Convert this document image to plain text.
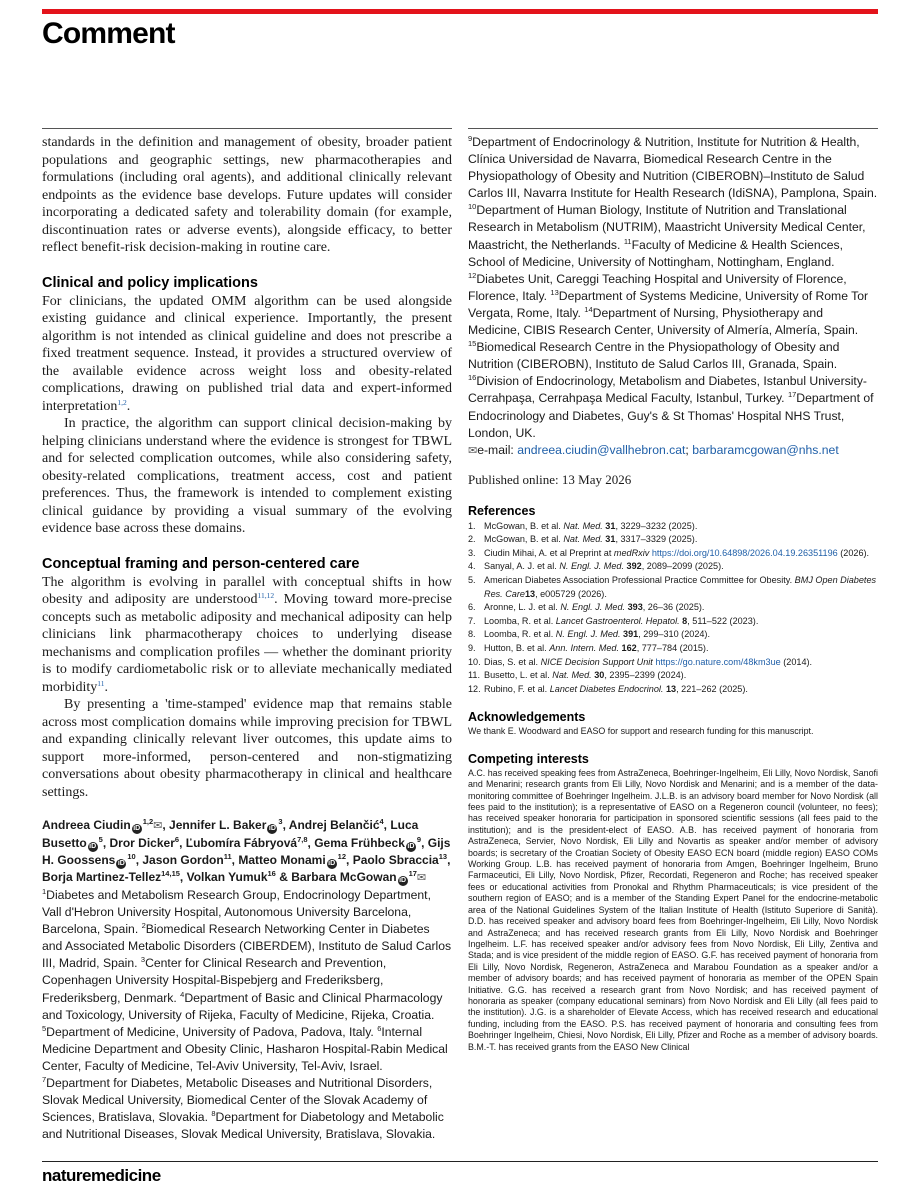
Comment

standards in the definition and management of obesity, broader patient populations and geographic settings, new pharmacotherapies and formulations (including oral agents), and additional clinically relevant endpoints as the evidence base develops. Future updates will consider incorporating a dedicated safety and tolerability domain (for example, discontinuation rates or adverse events), alongside efficacy, to better reflect benefit-risk decision-making in routine care.

Clinical and policy implications

For clinicians, the updated OMM algorithm can be used alongside existing guidance and clinical experience. Importantly, the present algorithm is not intended as clinical guideline and does not prescribe a fixed treatment sequence. Instead, it provides a structured overview of the available evidence across weight loss and obesity-related complications, drawing on published trial data and expert-informed interpretation$^{1,2}$.

In practice, the algorithm can support clinical decision-making by helping clinicians understand where the evidence is strongest for TBWL and for selected complication outcomes, while also considering safety, obesity-related complications, treatment access, cost and patient preferences. Thus, the framework is intended to complement existing clinical guidance by providing a visual summary of the evolving evidence base across these domains.

Conceptual framing and person-centered care

The algorithm is evolving in parallel with conceptual shifts in how obesity and adiposity are understood$^{11,12}$. Moving toward more-precise concepts such as metabolic adiposity and mechanical adiposity can help clinicians link pharmacotherapy choices to underlying disease mechanisms and complication profiles — whether the dominant priority is to modify cardiometabolic risk or to alleviate mechanically mediated morbidity$^{11}$.

By presenting a 'time-stamped' evidence map that remains stable across most complication domains while improving precision for TBWL and expanding clinically relevant liver outcomes, this update aims to support more-informed, person-centered and non-stigmatizing conversations about obesity pharmacotherapy in clinical and healthcare settings.

Andreea Ciudin iD$^{1,2}$✉, Jennifer L. Baker $iD^3$, Andrej Belančić$^4$, Luca Busetto $iD^5$, Dror Dicker$^6$, Ľubomíra Fábryová$^{7,8}$, Gema Frühbeck $iD^9$, Gijs H. Goossens $iD^{10}$, Jason Gordon$^{11}$, Matteo Monami $iD^{12}$, Paolo Sbraccia$^{13}$, Borja Martinez-Tellez$^{14,15}$, Volkan Yumuk$^{16}$ & Barbara McGowan $iD^{17}✉$

$^1$Diabetes and Metabolism Research Group, Endocrinology Department, Vall d'Hebron University Hospital, Autonomous University Barcelona, Barcelona, Spain. $^2$Biomedical Research Networking Center in Diabetes and Associated Metabolic Disorders (CIBERDEM), Instituto de Salud Carlos III, Madrid, Spain. $^3$Center for Clinical Research and Prevention, Copenhagen University Hospital-Bispebjerg and Frederiksberg, Frederiksberg, Denmark. $^4$Department of Basic and Clinical Pharmacology and Toxicology, University of Rijeka, Faculty of Medicine, Rijeka, Croatia. $^5$Department of Medicine, University of Padova, Padova, Italy. $^6$Internal Medicine Department and Obesity Clinic, Hasharon Hospital-Rabin Medical Center, Faculty of Medicine, Tel-Aviv University, Tel-Aviv, Israel. $^7$Department for Diabetes, Metabolic Diseases and Nutritional Disorders, Slovak Medical University, Biomedical Center of the Slovak Academy of Sciences, Bratislava, Slovakia. $^8$Department for Diabetology and Metabolic and Nutritional Diseases, Slovak Medical University, Bratislava, Slovakia.

$^9$Department of Endocrinology & Nutrition, Institute for Nutrition & Health, Clínica Universidad de Navarra, Biomedical Research Centre in the Physiopathology of Obesity and Nutrition (CIBEROBN)–Instituto de Salud Carlos III, Navarra Institute for Health Research (IdiSNA), Pamplona, Spain. $^{10}$Department of Human Biology, Institute of Nutrition and Translational Research in Metabolism (NUTRIM), Maastricht University Medical Center, Maastricht, the Netherlands. $^{11}$Faculty of Medicine & Health Sciences, School of Medicine, University of Nottingham, Nottingham, England. $^{12}$Diabetes Unit, Careggi Teaching Hospital and University of Florence, Florence, Italy. $^{13}$Department of Systems Medicine, University of Rome Tor Vergata, Rome, Italy. $^{14}$Department of Nursing, Physiotherapy and Medicine, CIBIS Research Center, University of Almería, Almería, Spain. $^{15}$Biomedical Research Centre in the Physiopathology of Obesity and Nutrition (CIBEROBN), Instituto de Salud Carlos III, Granada, Spain. $^{16}$Division of Endocrinology, Metabolism and Diabetes, Istanbul University-Cerrahpaşa, Cerrahpaşa Medical Faculty, Istanbul, Turkey. $^{17}$Department of Endocrinology and Diabetes, Guy's & St Thomas' Hospital NHS Trust, London, UK.

✉e-mail: andreea.ciudin@vallhebron.cat; barbaramcgowan@nhs.net

Published online: 13 May 2026

References
1. McGowan, B. et al. Nat. Med. 31, 3229–3232 (2025).
2. McGowan, B. et al. Nat. Med. 31, 3317–3329 (2025).
3. Ciudin Mihai, A. et al Preprint at medRxiv https://doi.org/10.64898/2026.04.19.26351196 (2026).
4. Sanyal, A. J. et al. N. Engl. J. Med. 392, 2089–2099 (2025).
5. American Diabetes Association Professional Practice Committee for Obesity. BMJ Open Diabetes Res. Care13, e005729 (2026).
6. Aronne, L. J. et al. N. Engl. J. Med. 393, 26–36 (2025).
7. Loomba, R. et al. Lancet Gastroenterol. Hepatol. 8, 511–522 (2023).
8. Loomba, R. et al. N. Engl. J. Med. 391, 299–310 (2024).
9. Hutton, B. et al. Ann. Intern. Med. 162, 777–784 (2015).
10. Dias, S. et al. NICE Decision Support Unit https://go.nature.com/48km3ue (2014).
11. Busetto, L. et al. Nat. Med. 30, 2395–2399 (2024).
12. Rubino, F. et al. Lancet Diabetes Endocrinol. 13, 221–262 (2025).
Acknowledgements

We thank E. Woodward and EASO for support and research funding for this manuscript.

Competing interests

A.C. has received speaking fees from AstraZeneca, Boehringer-Ingelheim, Eli Lilly, Novo Nordisk, Sanofi and Menarini; research grants from Eli Lilly, Novo Nordisk and Menarini; and is a member of the data-monitoring committee of Boehringer Ingelheim. J.L.B. is an advisory board member for Novo Nordisk (all fees paid to the institution); is a representative of EASO on a Regeneron council (volunteer, no fees); has received speaker honoraria for participation in sponsored scientific sessions (all fees paid to the institution); and is the president-elect of EASO. A.B. has received payment of honoraria from AstraZeneca, Servier, Novo Nordisk, Eli Lilly and Novartis as speaker and/or member of advisory boards; is secretary of the Croatian Society of Obesity EASO ECN board (middle region) EASO COMs Working Group. L.B. has received payment of honoraria from Amgen, Boehringer Ingelheim, Bruno Farmaceutici, Eli Lilly, Novo Nordisk, Pfizer, Recordati, Regeneron and Roche; has received speaker fees or educational activities from Pronokal and Rhythm Pharmaceuticals; is vice president of the southern region of EASO; and is a member of the Standing Expert Panel for the endocrine-metabolic area of the National Guidelines System of the Italian Institute of Health (Istituto Superiore di Sanità). D.D. has received speaker and advisory board fees from Boehringer-Ingelheim, Eli Lilly, Novo Nordisk and AstraZeneca; and has received research grants from Eli Lilly, Novo Nordisk and Boehringer Ingelheim. L.F. has received speaker and/or advisory fees from Novo Nordisk, Eli Lilly, Zentiva and Stada; and is vice president of the middle region of EASO. G.F. has received payment of honoraria from Eli Lilly, Novo Nordisk, Regeneron, AstraZeneca and Marabou Foundation as a speaker and/or a member of advisory boards; and has received payment of honoraria as member of the OPEN Spain Initiative. G.G. has received a research grant from Novo Nordisk; and has received payment of honoraria as speaker (company educational seminars) from Novo Nordisk and Eli Lilly (all fees paid to the institution). J.G. is a shareholder of Elevate Access, which has received research and educational funding, including from the EASO. P.S. has received payment of honoraria and consulting fees from Boehringer Ingelheim, Chiesi, Novo Nordisk, Eli Lilly, Pfizer and Roche as a member of advisory boards. B.M.-T. has received grants from the EASO New Clinical

naturemedicine
